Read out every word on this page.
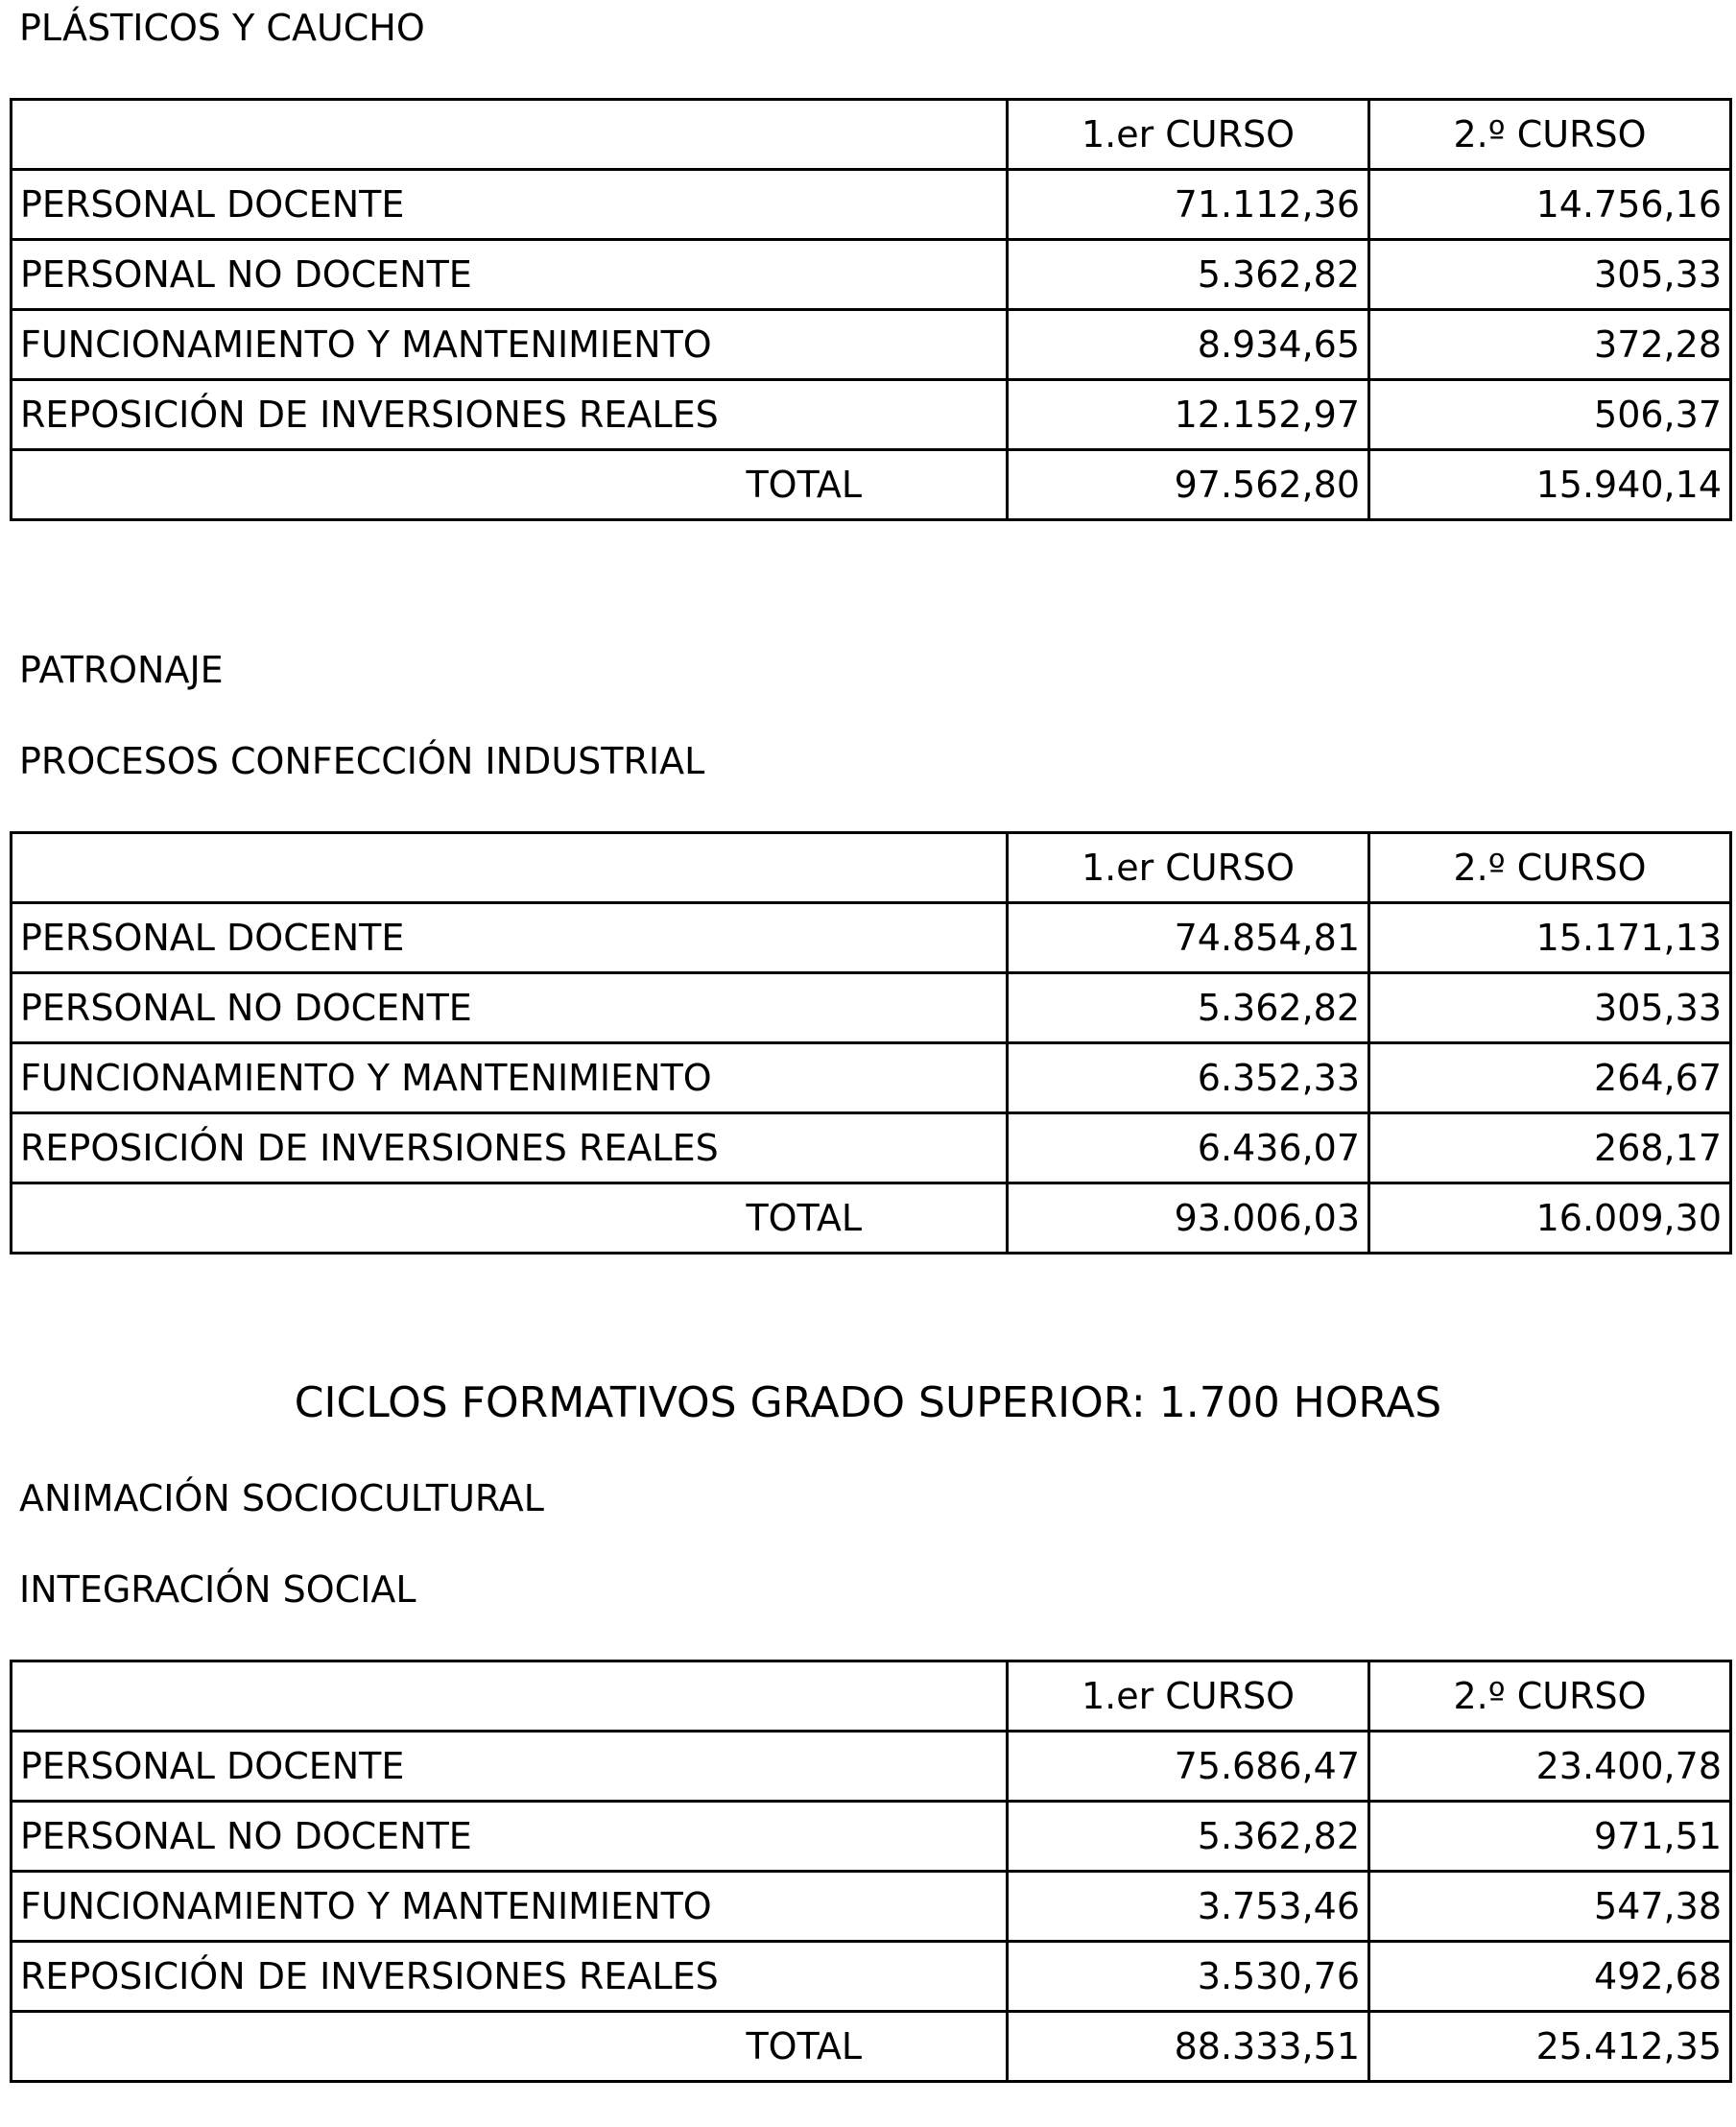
PLÁSTICOS Y CAUCHO

	1.er CURSO	2.º CURSO
PERSONAL DOCENTE	71.112,36	14.756,16
PERSONAL NO DOCENTE	5.362,82	305,33
FUNCIONAMIENTO Y MANTENIMIENTO	8.934,65	372,28
REPOSICIÓN DE INVERSIONES REALES	12.152,97	506,37
TOTAL	97.562,80	15.940,14

PATRONAJE

PROCESOS CONFECCIÓN INDUSTRIAL

	1.er CURSO	2.º CURSO
PERSONAL DOCENTE	74.854,81	15.171,13
PERSONAL NO DOCENTE	5.362,82	305,33
FUNCIONAMIENTO Y MANTENIMIENTO	6.352,33	264,67
REPOSICIÓN DE INVERSIONES REALES	6.436,07	268,17
TOTAL	93.006,03	16.009,30

CICLOS FORMATIVOS GRADO SUPERIOR: 1.700 HORAS

ANIMACIÓN SOCIOCULTURAL

INTEGRACIÓN SOCIAL

	1.er CURSO	2.º CURSO
PERSONAL DOCENTE	75.686,47	23.400,78
PERSONAL NO DOCENTE	5.362,82	971,51
FUNCIONAMIENTO Y MANTENIMIENTO	3.753,46	547,38
REPOSICIÓN DE INVERSIONES REALES	3.530,76	492,68
TOTAL	88.333,51	25.412,35
